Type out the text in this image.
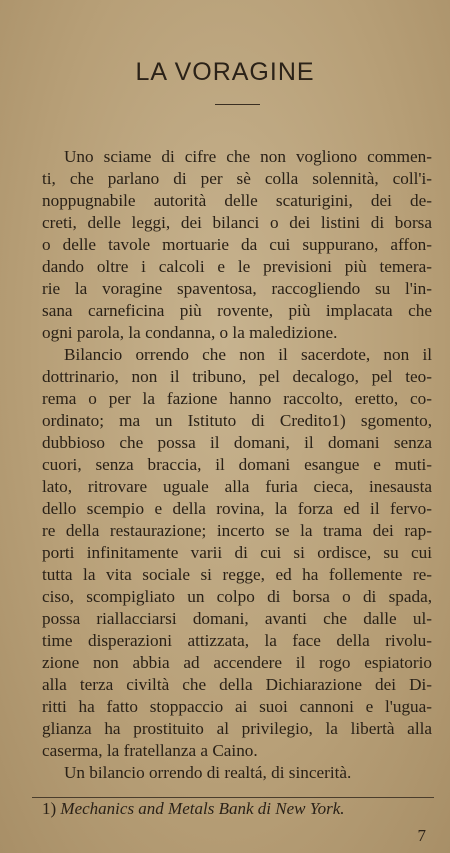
LA VORAGINE
Uno sciame di cifre che non vogliono commen-
ti, che parlano di per sè colla solennità, coll'i-
noppugnabile autorità delle scaturigini, dei de-
creti, delle leggi, dei bilanci o dei listini di borsa
o delle tavole mortuarie da cui suppurano, affon-
dando oltre i calcoli e le previsioni più temera-
rie la voragine spaventosa, raccogliendo su l'in-
sana carneficina più rovente, più implacata che
ogni parola, la condanna, o la maledizione.
Bilancio orrendo che non il sacerdote, non il
dottrinario, non il tribuno, pel decalogo, pel teo-
rema o per la fazione hanno raccolto, eretto, co-
ordinato; ma un Istituto di Credito1) sgomento,
dubbioso che possa il domani, il domani senza
cuori, senza braccia, il domani esangue e muti-
lato, ritrovare uguale alla furia cieca, inesausta
dello scempio e della rovina, la forza ed il fervo-
re della restaurazione; incerto se la trama dei rap-
porti infinitamente varii di cui si ordisce, su cui
tutta la vita sociale si regge, ed ha follemente re-
ciso, scompigliato un colpo di borsa o di spada,
possa riallacciarsi domani, avanti che dalle ul-
time disperazioni attizzata, la face della rivolu-
zione non abbia ad accendere il rogo espiatorio
alla terza civiltà che della Dichiarazione dei Di-
ritti ha fatto stoppaccio ai suoi cannoni e l'ugua-
glianza ha prostituito al privilegio, la libertà alla
caserma, la fratellanza a Caino.
Un bilancio orrendo di realtá, di sincerità.
1) Mechanics and Metals Bank di New York.
7
